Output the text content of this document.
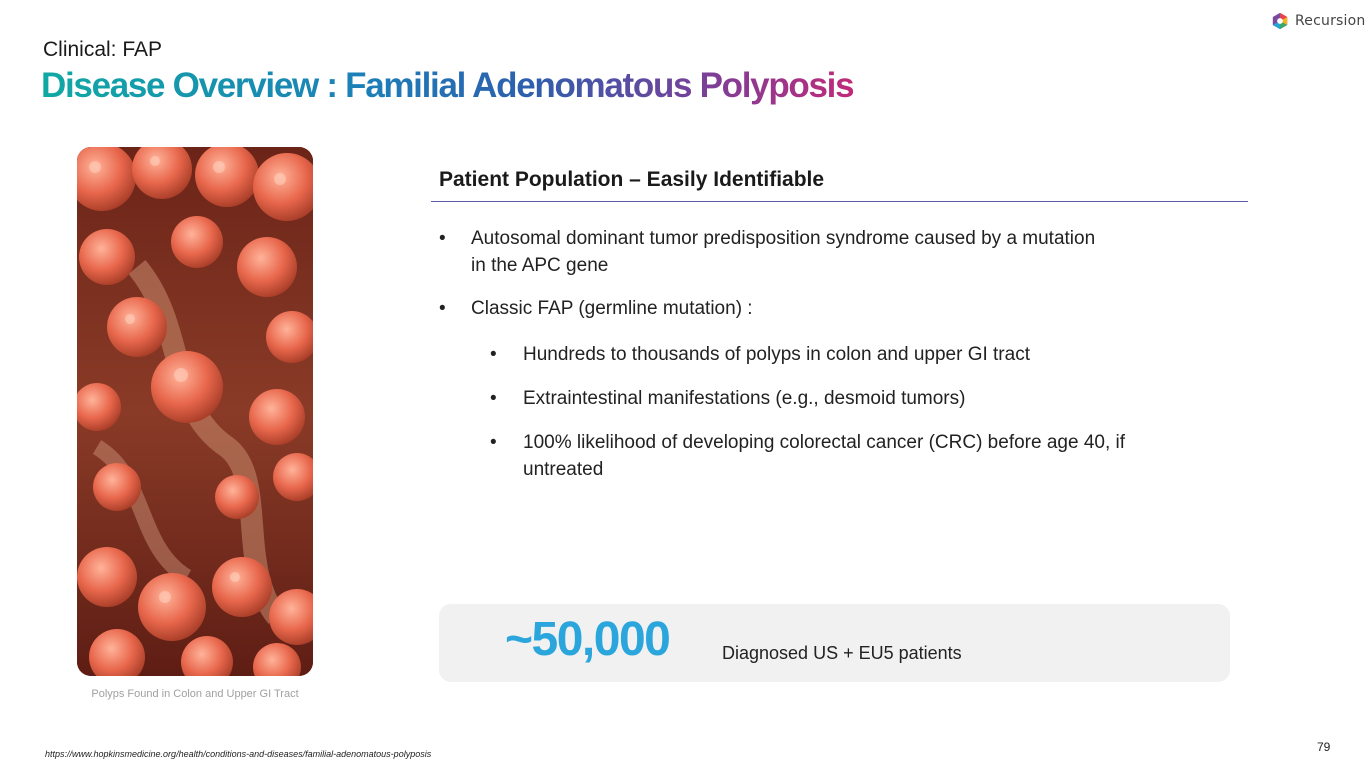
Recursion
Clinical: FAP
Disease Overview : Familial Adenomatous Polyposis
Polyps Found in Colon and Upper GI Tract
Patient Population – Easily Identifiable
• Autosomal dominant tumor predisposition syndrome caused by a mutation in the APC gene
• Classic FAP (germline mutation) :
• Hundreds to thousands of polyps in colon and upper GI tract
• Extraintestinal manifestations (e.g., desmoid tumors)
• 100% likelihood of developing colorectal cancer (CRC) before age 40, if untreated
~50,000	Diagnosed US + EU5 patients
https://www.hopkinsmedicine.org/health/conditions-and-diseases/familial-adenomatous-polyposis	79
